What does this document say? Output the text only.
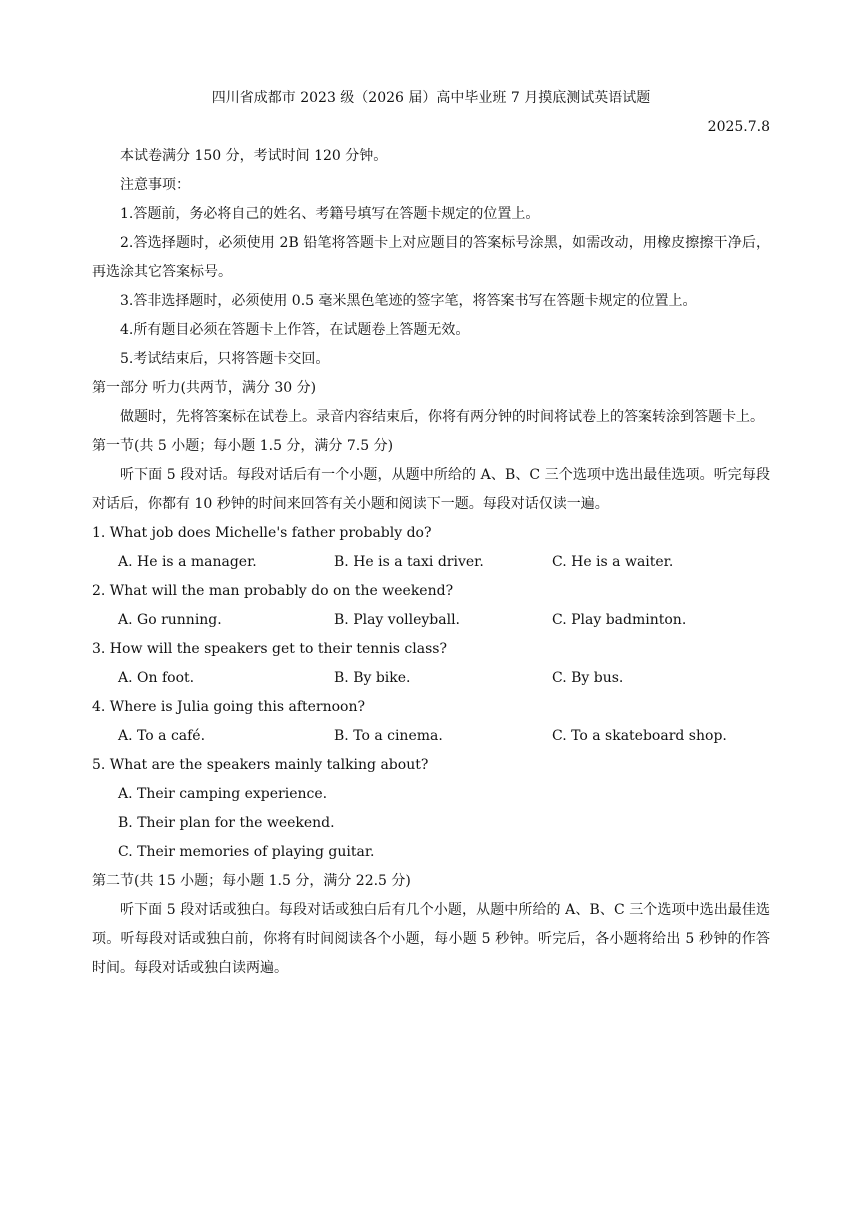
四川省成都市 2023 级（2026 届）高中毕业班 7 月摸底测试英语试题

2025.7.8

本试卷满分 150 分，考试时间 120 分钟。

注意事项：

1.答题前，务必将自己的姓名、考籍号填写在答题卡规定的位置上。

2.答选择题时，必须使用 2B 铅笔将答题卡上对应题目的答案标号涂黑，如需改动，用橡皮擦擦干净后，再选涂其它答案标号。

3.答非选择题时，必须使用 0.5 毫米黑色笔迹的签字笔，将答案书写在答题卡规定的位置上。

4.所有题目必须在答题卡上作答，在试题卷上答题无效。

5.考试结束后，只将答题卡交回。

第一部分 听力(共两节，满分 30 分)

做题时，先将答案标在试卷上。录音内容结束后，你将有两分钟的时间将试卷上的答案转涂到答题卡上。

第一节(共 5 小题；每小题 1.5 分，满分 7.5 分)

听下面 5 段对话。每段对话后有一个小题，从题中所给的 A、B、C 三个选项中选出最佳选项。听完每段对话后，你都有 10 秒钟的时间来回答有关小题和阅读下一题。每段对话仅读一遍。

1. What job does Michelle's father probably do?

A. He is a manager.	B. He is a taxi driver.	C. He is a waiter.

2. What will the man probably do on the weekend?

A. Go running.	B. Play volleyball.	C. Play badminton.

3. How will the speakers get to their tennis class?

A. On foot.	B. By bike.	C. By bus.

4. Where is Julia going this afternoon?

A. To a café.	B. To a cinema.	C. To a skateboard shop.

5. What are the speakers mainly talking about?

A. Their camping experience.

B. Their plan for the weekend.

C. Their memories of playing guitar.

第二节(共 15 小题；每小题 1.5 分，满分 22.5 分)

听下面 5 段对话或独白。每段对话或独白后有几个小题，从题中所给的 A、B、C 三个选项中选出最佳选项。听每段对话或独白前，你将有时间阅读各个小题，每小题 5 秒钟。听完后，各小题将给出 5 秒钟的作答时间。每段对话或独白读两遍。
